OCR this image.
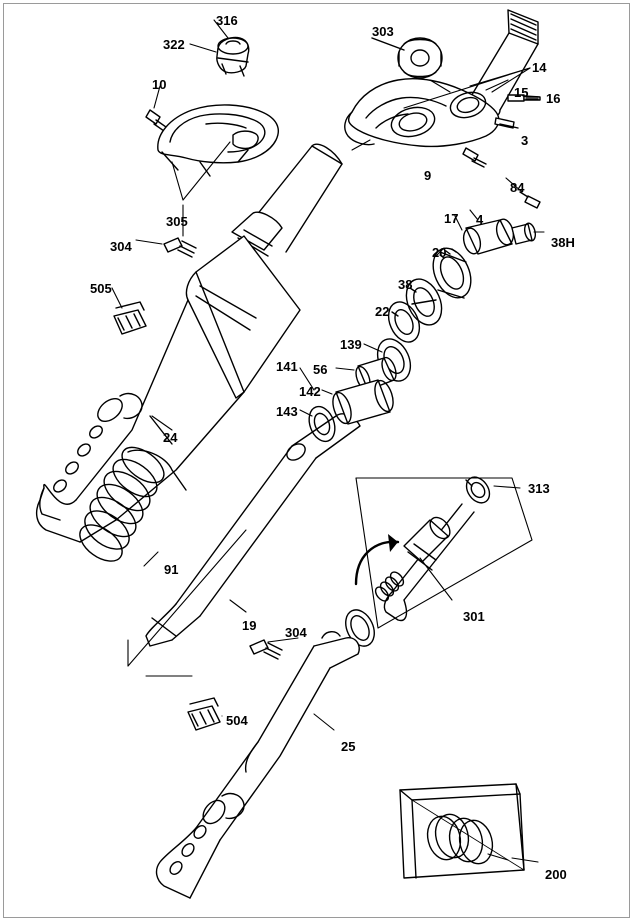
316
303
322
14
10
15 16
3
9
84
305	17 4
38H
304	20
505	38
22
139
141 56
142
143
24
313
91
301
19 304
504
25
200
